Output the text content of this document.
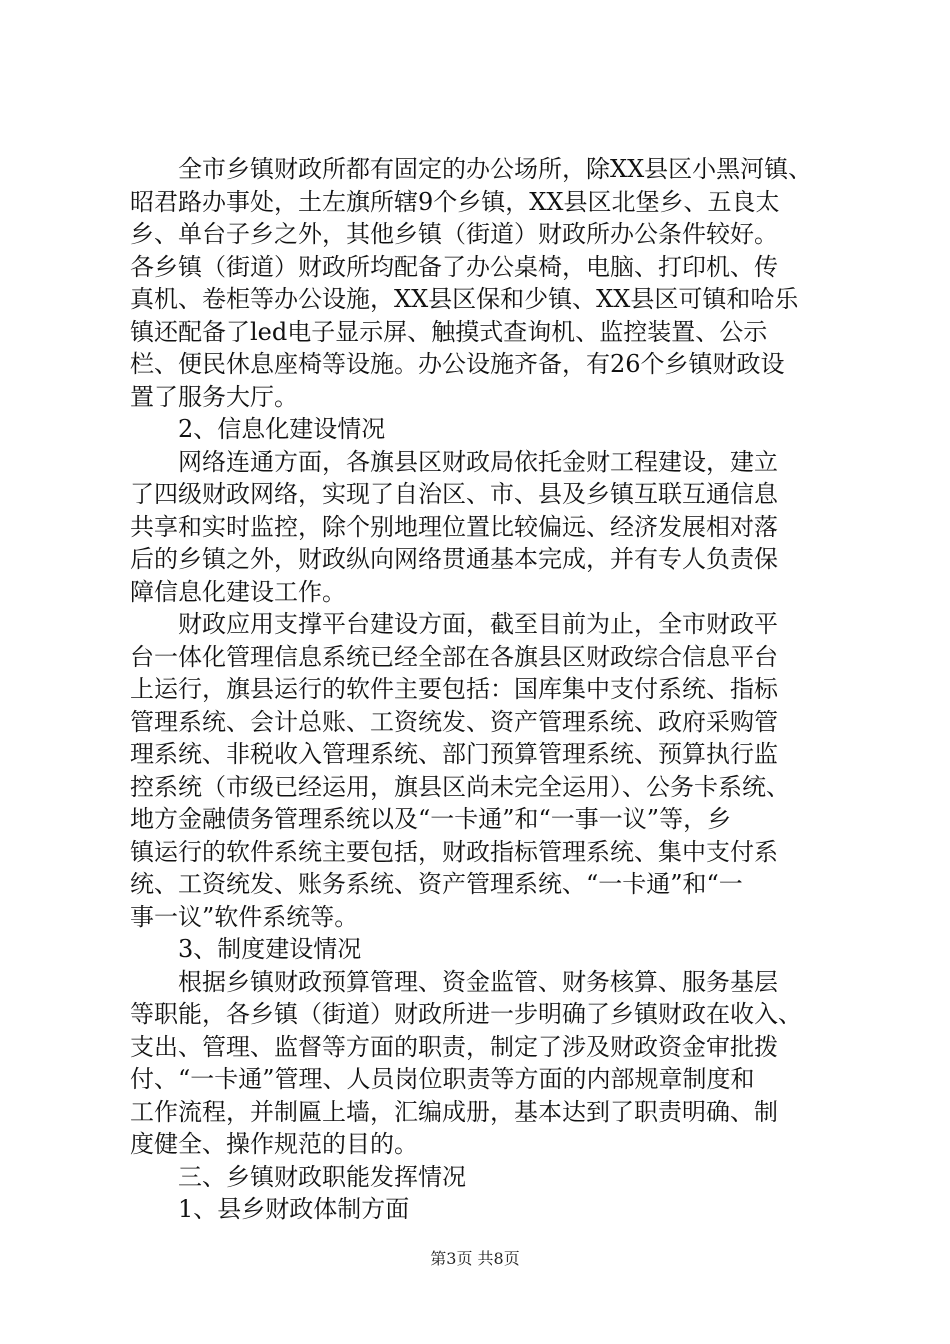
全市乡镇财政所都有固定的办公场所，除XX县区小黑河镇、
昭君路办事处，土左旗所辖9个乡镇，XX县区北堡乡、五良太
乡、单台子乡之外，其他乡镇（街道）财政所办公条件较好。
各乡镇（街道）财政所均配备了办公桌椅，电脑、打印机、传
真机、卷柜等办公设施，XX县区保和少镇、XX县区可镇和哈乐
镇还配备了led电子显示屏、触摸式查询机、监控装置、公示
栏、便民休息座椅等设施。办公设施齐备，有26个乡镇财政设
置了服务大厅。
2、信息化建设情况
网络连通方面，各旗县区财政局依托金财工程建设，建立
了四级财政网络，实现了自治区、市、县及乡镇互联互通信息
共享和实时监控，除个别地理位置比较偏远、经济发展相对落
后的乡镇之外，财政纵向网络贯通基本完成，并有专人负责保
障信息化建设工作。
财政应用支撑平台建设方面，截至目前为止，全市财政平
台一体化管理信息系统已经全部在各旗县区财政综合信息平台
上运行，旗县运行的软件主要包括：国库集中支付系统、指标
管理系统、会计总账、工资统发、资产管理系统、政府采购管
理系统、非税收入管理系统、部门预算管理系统、预算执行监
控系统（市级已经运用，旗县区尚未完全运用）、公务卡系统、
地方金融债务管理系统以及“一卡通”和“一事一议”等，乡
镇运行的软件系统主要包括，财政指标管理系统、集中支付系
统、工资统发、账务系统、资产管理系统、“一卡通”和“一
事一议”软件系统等。
3、制度建设情况
根据乡镇财政预算管理、资金监管、财务核算、服务基层
等职能，各乡镇（街道）财政所进一步明确了乡镇财政在收入、
支出、管理、监督等方面的职责，制定了涉及财政资金审批拨
付、“一卡通”管理、人员岗位职责等方面的内部规章制度和
工作流程，并制匾上墙，汇编成册，基本达到了职责明确、制
度健全、操作规范的目的。
三、乡镇财政职能发挥情况
1、县乡财政体制方面
第3页 共8页
